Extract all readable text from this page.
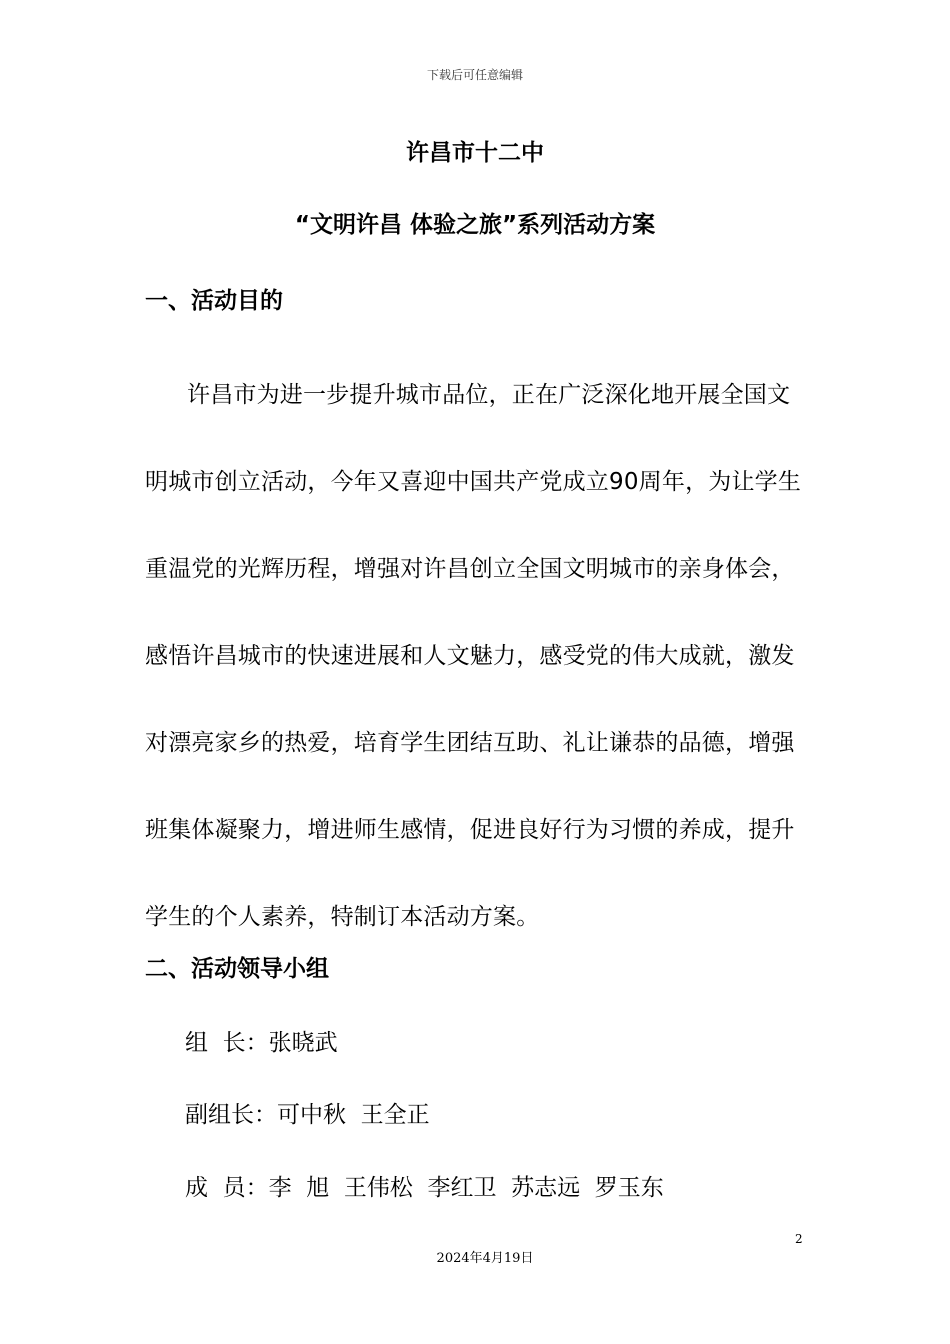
下载后可任意编辑
许昌市十二中
“文明许昌 体验之旅”系列活动方案
一、活动目的

许昌市为进一步提升城市品位，正在广泛深化地开展全国文明城市创立活动，今年又喜迎中国共产党成立90周年，为让学生重温党的光辉历程，增强对许昌创立全国文明城市的亲身体会，感悟许昌城市的快速进展和人文魅力，感受党的伟大成就，激发对漂亮家乡的热爱，培育学生团结互助、礼让谦恭的品德，增强班集体凝聚力，增进师生感情，促进良好行为习惯的养成，提升学生的个人素养，特制订本活动方案。

二、活动领导小组
组  长：张晓武
副组长：可中秋  王全正
成  员：李  旭  王伟松  李红卫  苏志远  罗玉东
2
2024年4月19日
